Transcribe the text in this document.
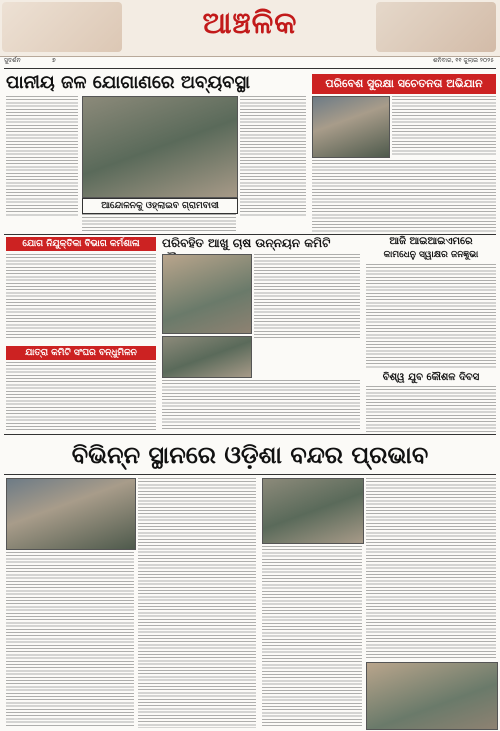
ଆଞ୍ଚଳିକ
ସୁଦର୍ଶନ	୭	ଶନିବାର, ୧୧ ଜୁଲାଇ ୨୦୨୫
ପାନୀୟ ଜଳ ଯୋଗାଣରେ ଅବ୍ୟବସ୍ଥା	ପରିବେଶ ସୁରକ୍ଷା ସଚେତନତା ଅଭିଯାନ
ଆନ୍ଦୋଳନକୁ ଓହ୍ଲାଇବ ଗ୍ରାମବାସୀ
ଯୋଗ ନିଯୁକ୍ତିକା ବିଭାଗ କର୍ମଶାଳା	ପରିବହିତ ଆଖୁ ଚାଷ ଉନ୍ନୟନ କମିଟି	ଆଜି ଆଇଆଇଏମରେ
କାମଧେନୁ ସ୍ୱାକ୍ଷର ଜନଜ୍ଞୁଭା
ଯାତ୍ରା କମିଟି ସଂଘର ବନ୍ଧୁମିଳନ
ବିଶ୍ୱ ଯୁବ କୌଶଳ ଦିବସ
ବିଭିନ୍ନ ସ୍ଥାନରେ ଓଡ଼ିଶା ବନ୍ଦର ପ୍ରଭାବ
